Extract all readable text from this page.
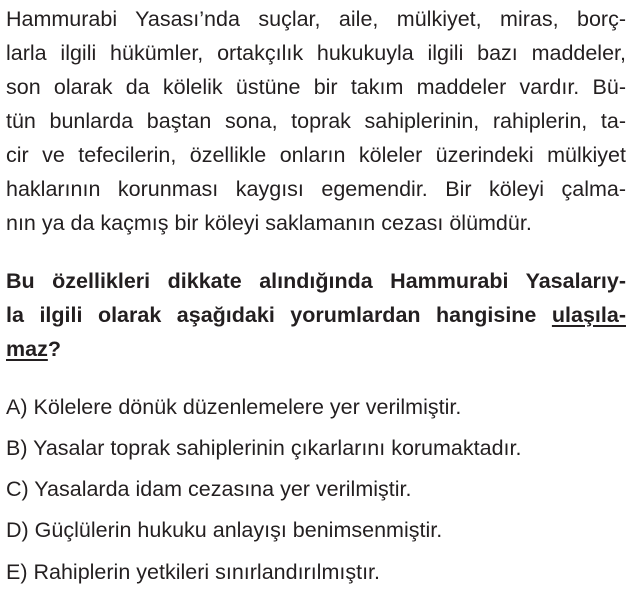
Hammurabi Yasası’nda suçlar, aile, mülkiyet, miras, borç-
larla ilgili hükümler, ortakçılık hukukuyla ilgili bazı maddeler,
son olarak da kölelik üstüne bir takım maddeler vardır. Bü-
tün bunlarda baştan sona, toprak sahiplerinin, rahiplerin, ta-
cir ve tefecilerin, özellikle onların köleler üzerindeki mülkiyet
haklarının korunması kaygısı egemendir. Bir köleyi çalma-
nın ya da kaçmış bir köleyi saklamanın cezası ölümdür.
Bu özellikleri dikkate alındığında Hammurabi Yasalarıy-
la ilgili olarak aşağıdaki yorumlardan hangisine ulaşıla-
maz?
A) Kölelere dönük düzenlemelere yer verilmiştir.
B) Yasalar toprak sahiplerinin çıkarlarını korumaktadır.
C) Yasalarda idam cezasına yer verilmiştir.
D) Güçlülerin hukuku anlayışı benimsenmiştir.
E) Rahiplerin yetkileri sınırlandırılmıştır.
